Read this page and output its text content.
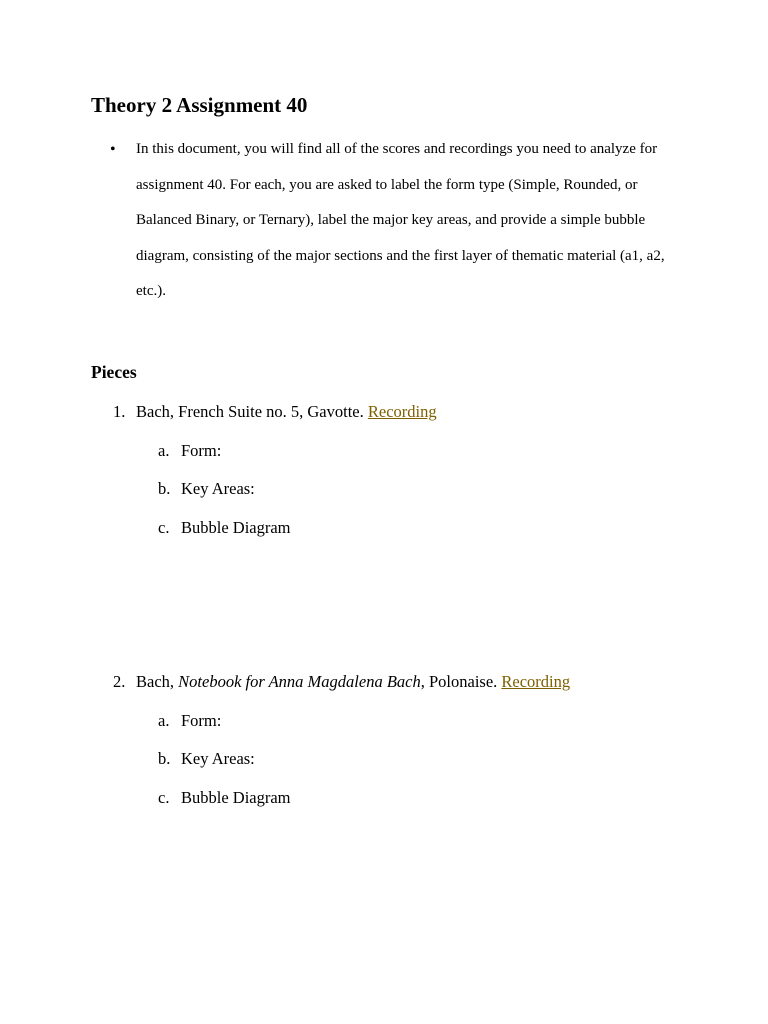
Theory 2 Assignment 40
• In this document, you will find all of the scores and recordings you need to analyze for assignment 40. For each, you are asked to label the form type (Simple, Rounded, or Balanced Binary, or Ternary), label the major key areas, and provide a simple bubble diagram, consisting of the major sections and the first layer of thematic material (a1, a2, etc.).
Pieces
1. Bach, French Suite no. 5, Gavotte. Recording
a. Form:
b. Key Areas:
c. Bubble Diagram
2. Bach, Notebook for Anna Magdalena Bach, Polonaise. Recording
a. Form:
b. Key Areas:
c. Bubble Diagram
